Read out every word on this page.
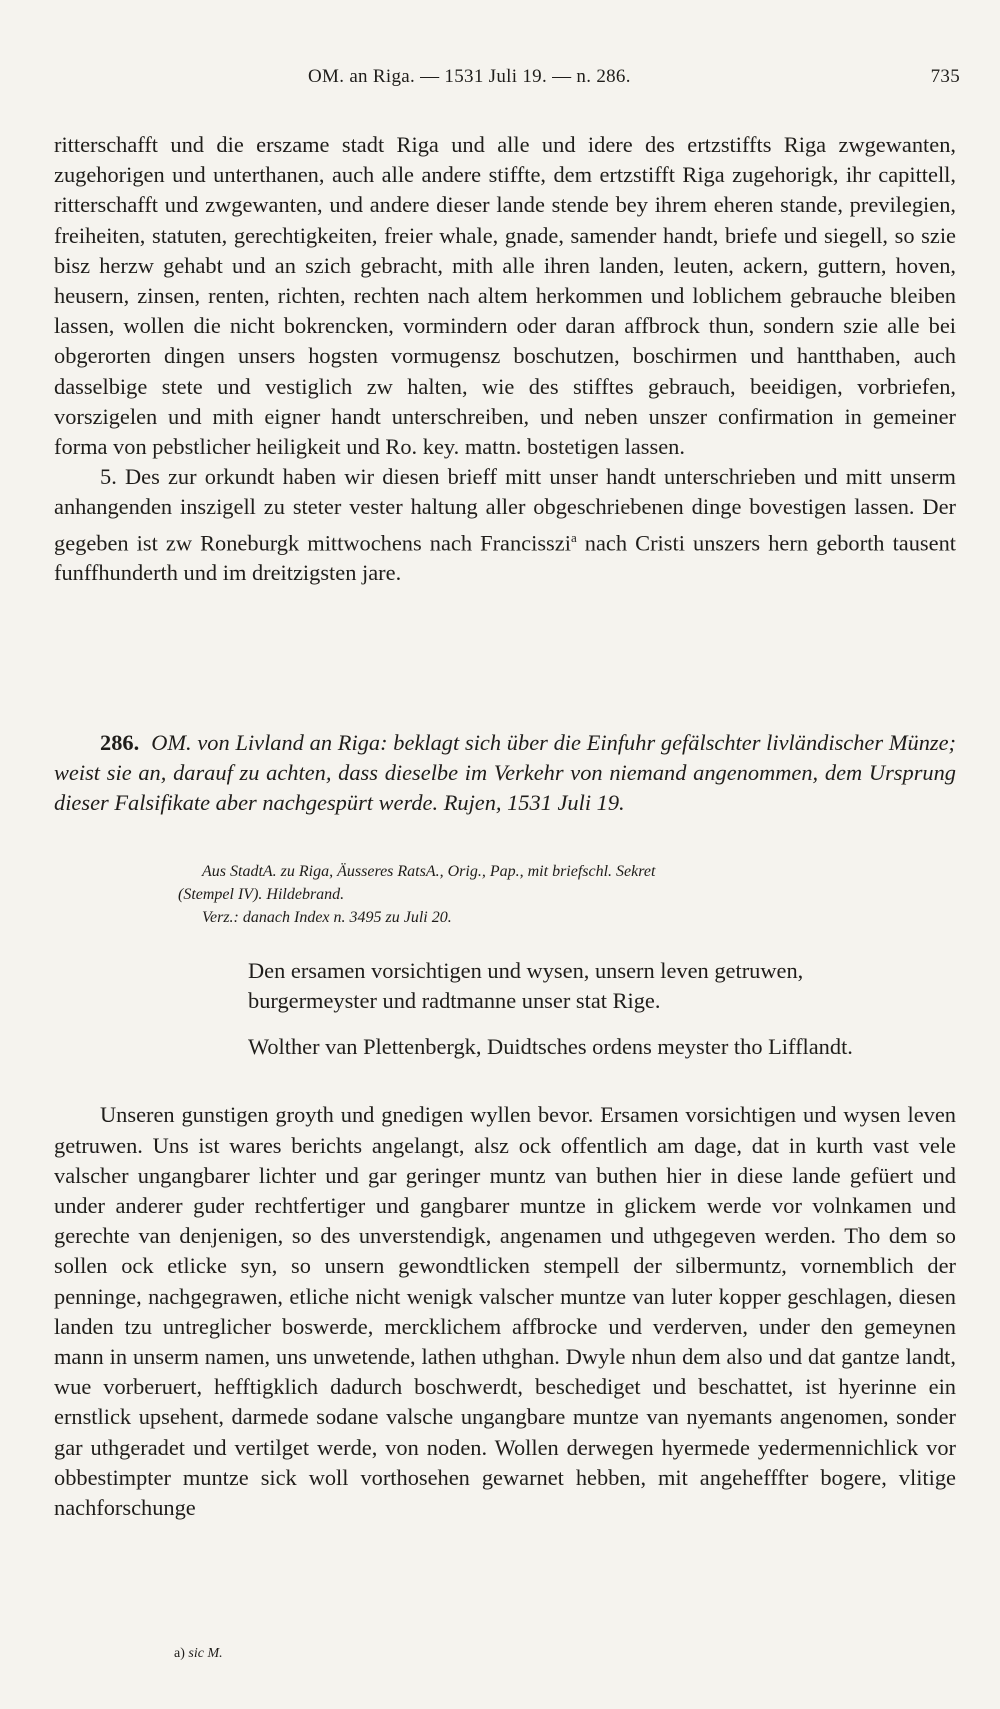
OM. an Riga. — 1531 Juli 19. — n. 286.	735

ritterschafft und die erszame stadt Riga und alle und idere des ertzstiffts Riga zwgewanten, zugehorigen und unterthanen, auch alle andere stiffte, dem ertzstifft Riga zugehorigk, ihr capittell, ritterschafft und zwgewanten, und andere dieser lande stende bey ihrem eheren stande, previlegien, freiheiten, statuten, gerechtigkeiten, freier whale, gnade, samender handt, briefe und siegell, so szie bisz herzw gehabt und an szich gebracht, mith alle ihren landen, leuten, ackern, guttern, hoven, heusern, zinsen, renten, richten, rechten nach altem herkommen und loblichem gebrauche bleiben lassen, wollen die nicht bokrencken, vormindern oder daran affbrock thun, sondern szie alle bei obgerorten dingen unsers hogsten vormugensz boschutzen, boschirmen und hantthaben, auch dasselbige stete und vestiglich zw halten, wie des stifftes gebrauch, beeidigen, vorbriefen, vorszigelen und mith eigner handt unterschreiben, und neben unszer confirmation in gemeiner forma von pebstlicher heiligkeit und Ro. key. mattn. bostetigen lassen.

5. Des zur orkundt haben wir diesen brieff mitt unser handt unterschrieben und mitt unserm anhangenden inszigell zu steter vester haltung aller obgeschriebenen dinge bovestigen lassen. Der gegeben ist zw Roneburgk mittwochens nach Francisszi$^a$ nach Cristi unszers hern geborth tausent funffhunderth und im dreitzigsten jare.

286. OM. von Livland an Riga: beklagt sich über die Einfuhr gefälschter livländischer Münze; weist sie an, darauf zu achten, dass dieselbe im Verkehr von niemand angenommen, dem Ursprung dieser Falsifikate aber nachgespürt werde. Rujen, 1531 Juli 19.

Aus StadtA. zu Riga, Äusseres RatsA., Orig., Pap., mit briefschl. Sekret

(Stempel IV). Hildebrand.

Verz.: danach Index n. 3495 zu Juli 20.

Den ersamen vorsichtigen und wysen, unsern leven getruwen,

burgermeyster und radtmanne unser stat Rige.

Wolther van Plettenbergk, Duidtsches ordens meyster tho Lifflandt.

Unseren gunstigen groyth und gnedigen wyllen bevor. Ersamen vorsichtigen und wysen leven getruwen. Uns ist wares berichts angelangt, alsz ock offentlich am dage, dat in kurth vast vele valscher ungangbarer lichter und gar geringer muntz van buthen hier in diese lande gefüert und under anderer guder rechtfertiger und gangbarer muntze in glickem werde vor volnkamen und gerechte van denjenigen, so des unverstendigk, angenamen und uthgegeven werden. Tho dem so sollen ock etlicke syn, so unsern gewondtlicken stempell der silbermuntz, vornemblich der penninge, nachgegrawen, etliche nicht wenigk valscher muntze van luter kopper geschlagen, diesen landen tzu untreglicher boswerde, mercklichem affbrocke und verderven, under den gemeynen mann in unserm namen, uns unwetende, lathen uthghan. Dwyle nhun dem also und dat gantze landt, wue vorberuert, hefftigklich dadurch boschwerdt, beschediget und beschattet, ist hyerinne ein ernstlick upsehent, darmede sodane valsche ungangbare muntze van nyemants angenomen, sonder gar uthgeradet und vertilget werde, von noden. Wollen derwegen hyermede yedermennichlick vor obbestimpter muntze sick woll vorthosehen gewarnet hebben, mit angehefffter bogere, vlitige nachforschunge

a) sic M.
